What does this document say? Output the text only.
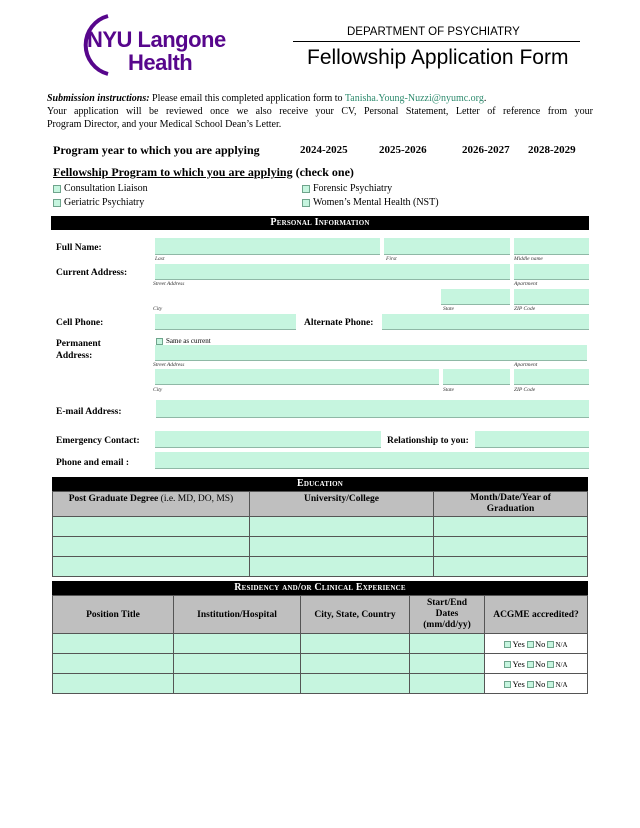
NYU Langone
Health
DEPARTMENT OF PSYCHIATRY
Fellowship Application Form
Submission instructions: Please email this completed application form to Tanisha.Young-Nuzzi@nyumc.org.
Your application will be reviewed once we also receive your CV, Personal Statement, Letter of reference from your
Program Director, and your Medical School Dean’s Letter.
Program year to which you are applying	2024-2025	2025-2026	2026-2027 2028-2029
Fellowship Program to which you are applying (check one)
Consultation Liaison	Forensic Psychiatry
Geriatric Psychiatry	Women’s Mental Health (NST)
Personal Information
Full Name:
Last	First	Middle name
Current Address:
Street Address	Apartment
City	State	ZIP Code
Cell Phone:	Alternate Phone:
Permanent
Address:
Same as current
Street Address	Apartment
City	State	ZIP Code
E-mail Address:
Emergency Contact:	Relationship to you:
Phone and email :
Education
Post Graduate Degree (i.e. MD, DO, MS)	University/College	Month/Date/Year of
Graduation

Residency and/or Clinical Experience
Position Title	Institution/Hospital	City, State, Country	Start/End
Dates
(mm/dd/yy)	ACGME accredited?
				Yes No N/A
				Yes No N/A
				Yes No N/A
